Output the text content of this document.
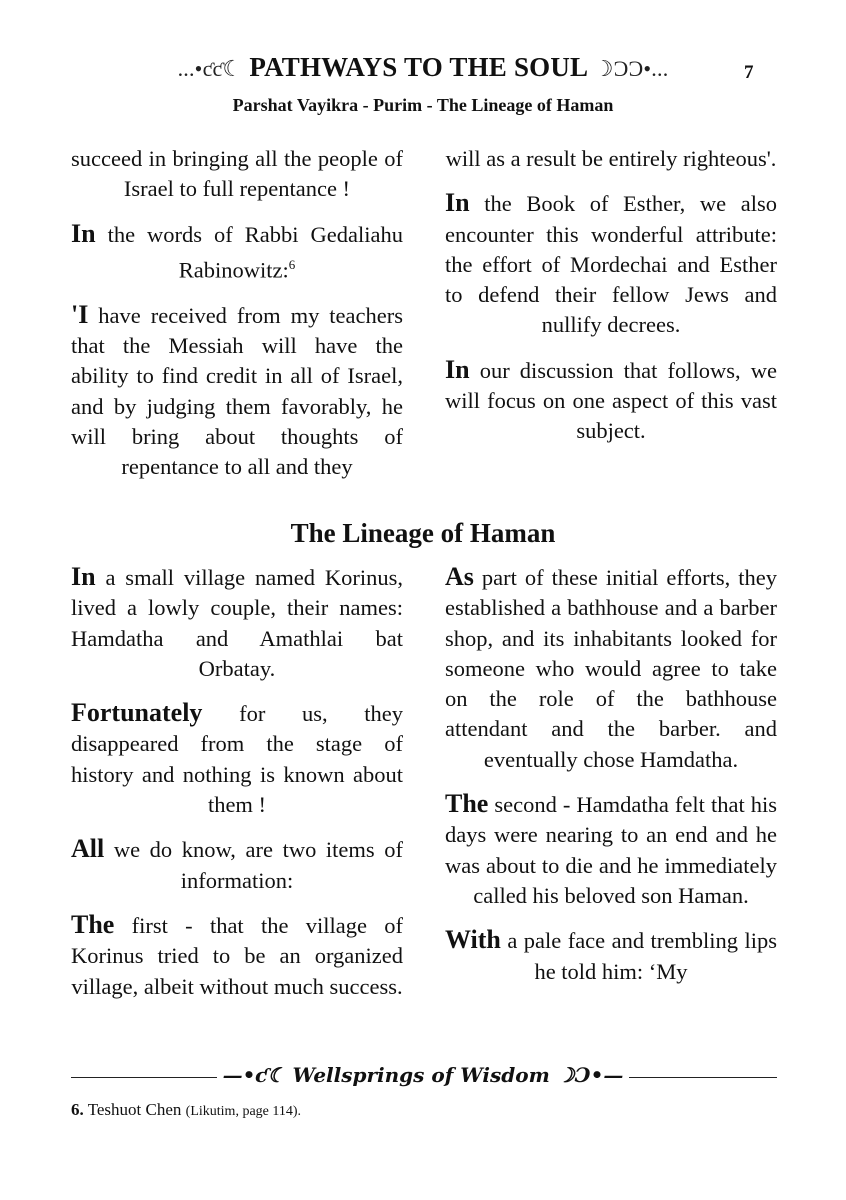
...•ƈƈ☾ PATHWAYS TO THE SOUL ☽ƆƆ•...	7
Parshat Vayikra - Purim - The Lineage of Haman

succeed in bringing all the people of Israel to full repentance !

In the words of Rabbi Gedaliahu Rabinowitz:$^6$

'I have received from my teachers that the Messiah will have the ability to find credit in all of Israel, and by judging them favorably, he will bring about thoughts of repentance to all and they

will as a result be entirely righteous'.

In the Book of Esther, we also encounter this wonderful attribute: the effort of Mordechai and Esther to defend their fellow Jews and nullify decrees.

In our discussion that follows, we will focus on one aspect of this vast subject.

The Lineage of Haman

In a small village named Korinus, lived a lowly couple, their names: Hamdatha and Amathlai bat Orbatay.

Fortunately for us, they disappeared from the stage of history and nothing is known about them !

All we do know, are two items of information:

The first - that the village of Korinus tried to be an organized village, albeit without much success.

As part of these initial efforts, they established a bathhouse and a barber shop, and its inhabitants looked for someone who would agree to take on the role of the bathhouse attendant and the barber. and eventually chose Hamdatha.

The second - Hamdatha felt that his days were nearing to an end and he was about to die and he immediately called his beloved son Haman.

With a pale face and trembling lips he told him: ‘My

—•ƈ☾ Wellsprings of Wisdom ☽Ɔ•—
6. Teshuot Chen (Likutim, page 114).
